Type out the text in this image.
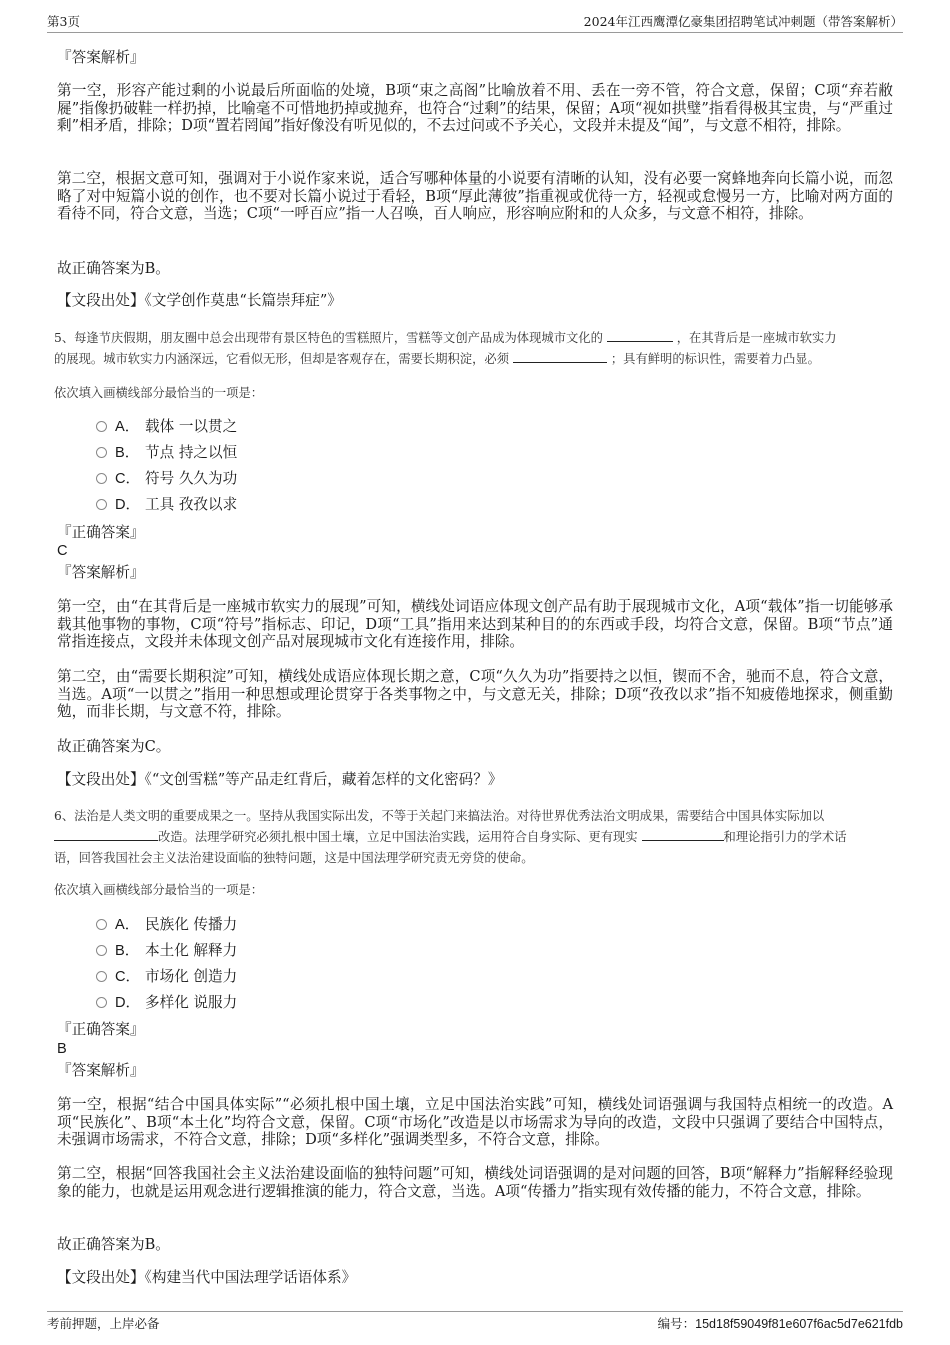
第3页	2024年江西鹰潭亿豪集团招聘笔试冲刺题（带答案解析）
『答案解析』

第一空，形容产能过剩的小说最后所面临的处境，B项“束之高阁”比喻放着不用、丢在一旁不管，符合文意，保留；C项“弃若敝屣”指像扔破鞋一样扔掉，比喻毫不可惜地扔掉或抛弃，也符合“过剩”的结果，保留；A项“视如拱璧”指看得极其宝贵，与“严重过剩”相矛盾，排除；D项“置若罔闻”指好像没有听见似的，不去过问或不予关心，文段并未提及“闻”，与文意不相符，排除。

第二空，根据文意可知，强调对于小说作家来说，适合写哪种体量的小说要有清晰的认知，没有必要一窝蜂地奔向长篇小说，而忽略了对中短篇小说的创作，也不要对长篇小说过于看轻，B项“厚此薄彼”指重视或优待一方，轻视或怠慢另一方，比喻对两方面的看待不同，符合文意，当选；C项“一呼百应”指一人召唤，百人响应，形容响应附和的人众多，与文意不相符，排除。

故正确答案为B。
【文段出处】《文学创作莫患“长篇崇拜症”》
5、每逢节庆假期，朋友圈中总会出现带有景区特色的雪糕照片，雪糕等文创产品成为体现城市文化的	，在其背后是一座城市软实力
的展现。城市软实力内涵深远，它看似无形，但却是客观存在，需要长期积淀，必须	；具有鲜明的标识性，需要着力凸显。
依次填入画横线部分最恰当的一项是：
A． 载体 一以贯之
B． 节点 持之以恒
C． 符号 久久为功
D． 工具 孜孜以求
『正确答案』
C
『答案解析』

第一空，由“在其背后是一座城市软实力的展现”可知，横线处词语应体现文创产品有助于展现城市文化，A项“载体”指一切能够承载其他事物的事物，C项“符号”指标志、印记，D项“工具”指用来达到某种目的的东西或手段，均符合文意，保留。B项“节点”通常指连接点，文段并未体现文创产品对展现城市文化有连接作用，排除。

第二空，由“需要长期积淀”可知，横线处成语应体现长期之意，C项“久久为功”指要持之以恒，锲而不舍，驰而不息，符合文意，当选。A项“一以贯之”指用一种思想或理论贯穿于各类事物之中，与文意无关，排除；D项“孜孜以求”指不知疲倦地探求，侧重勤勉，而非长期，与文意不符，排除。

故正确答案为C。
【文段出处】《“文创雪糕”等产品走红背后，藏着怎样的文化密码？》
6、法治是人类文明的重要成果之一。坚持从我国实际出发，不等于关起门来搞法治。对待世界优秀法治文明成果，需要结合中国具体实际加以
改造。法理学研究必须扎根中国土壤，立足中国法治实践，运用符合自身实际、更有现实	和理论指引力的学术话
语，回答我国社会主义法治建设面临的独特问题，这是中国法理学研究责无旁贷的使命。
依次填入画横线部分最恰当的一项是：
A． 民族化 传播力
B． 本土化 解释力
C． 市场化 创造力
D． 多样化 说服力
『正确答案』
B
『答案解析』

第一空，根据“结合中国具体实际”“必须扎根中国土壤，立足中国法治实践”可知，横线处词语强调与我国特点相统一的改造。A项“民族化”、B项“本土化”均符合文意，保留。C项“市场化”改造是以市场需求为导向的改造，文段中只强调了要结合中国特点，未强调市场需求，不符合文意，排除；D项“多样化”强调类型多，不符合文意，排除。

第二空，根据“回答我国社会主义法治建设面临的独特问题”可知，横线处词语强调的是对问题的回答，B项“解释力”指解释经验现象的能力，也就是运用观念进行逻辑推演的能力，符合文意，当选。A项“传播力”指实现有效传播的能力，不符合文意，排除。

故正确答案为B。
【文段出处】《构建当代中国法理学话语体系》
考前押题，上岸必备	编号：15d18f59049f81e607f6ac5d7e621fdb
